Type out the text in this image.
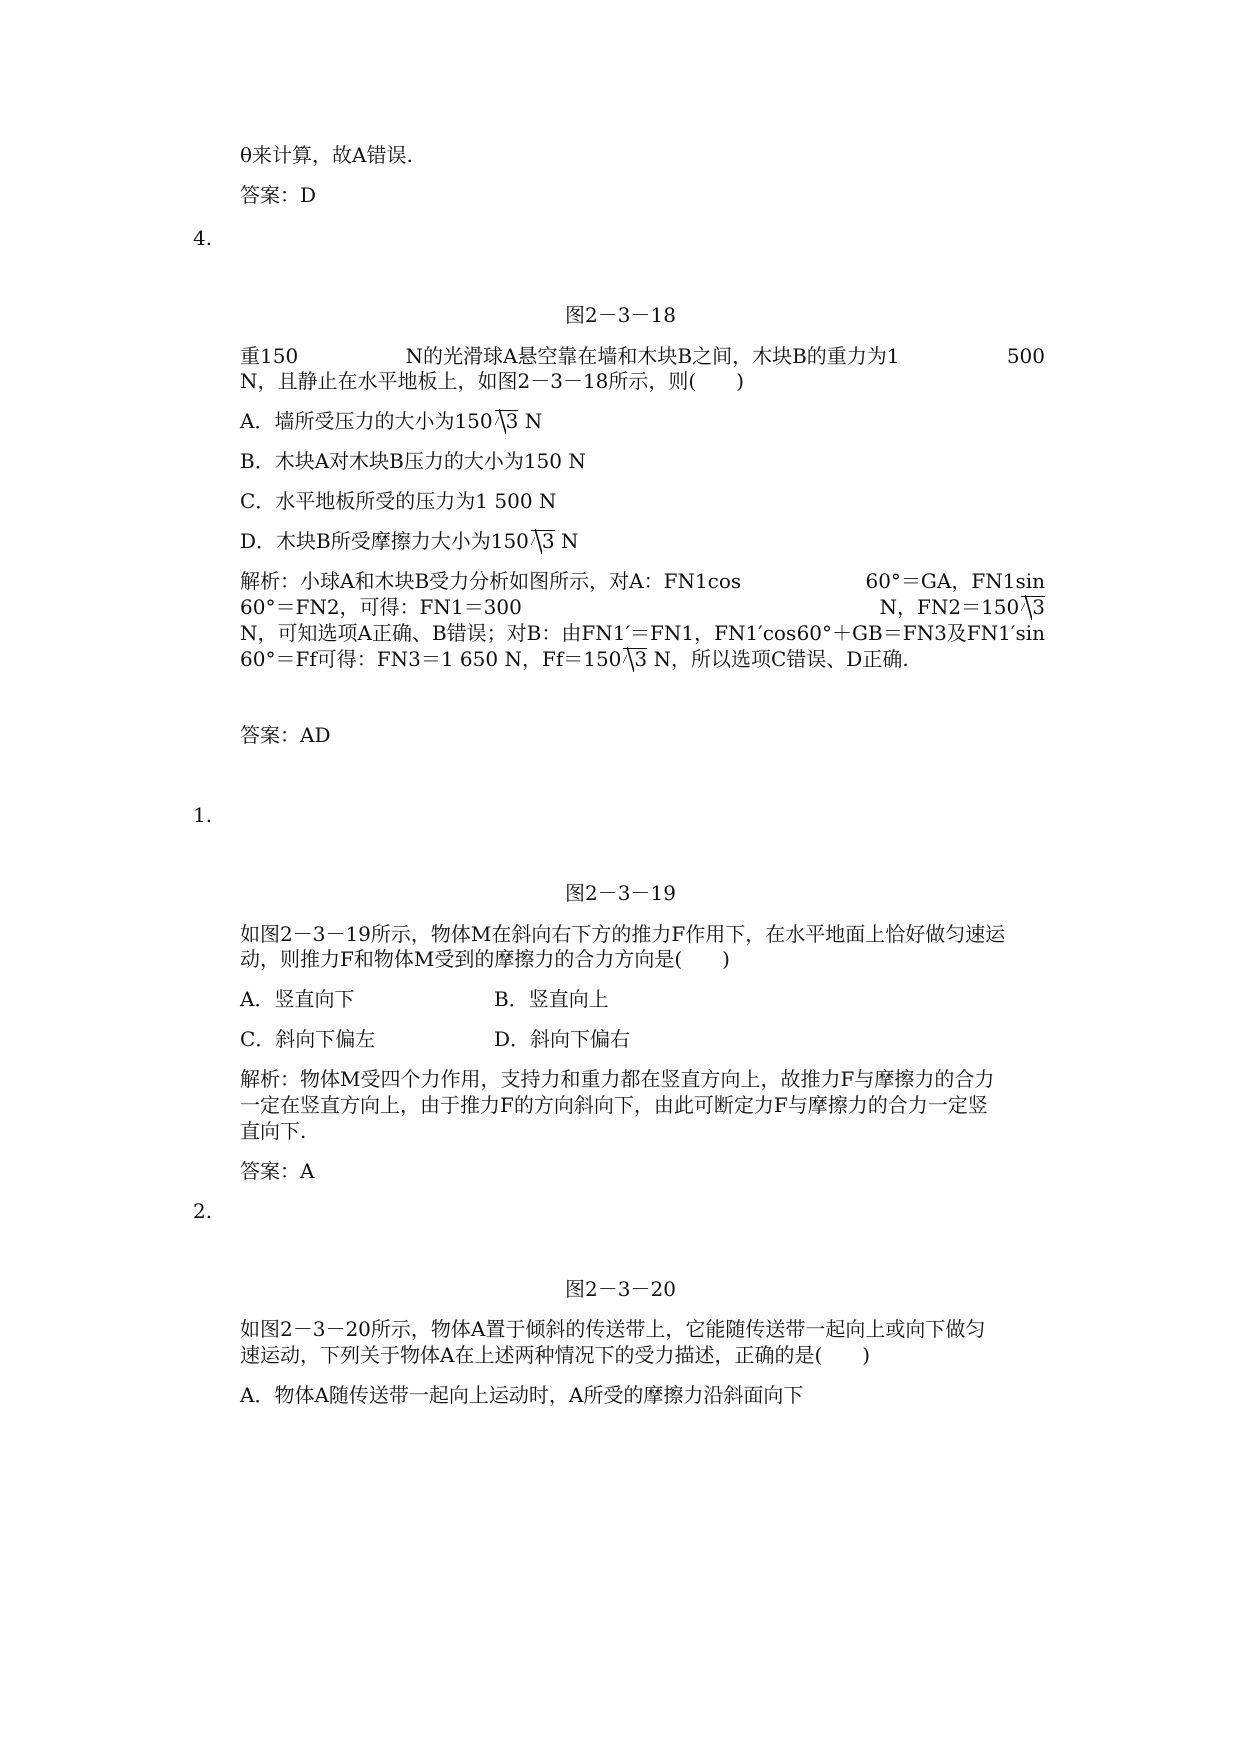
θ来计算，故A错误.
答案：D
4.
图2－3－18
重150	N的光滑球A悬空靠在墙和木块B之间，木块B的重力为1	500
N，且静止在水平地板上，如图2－3－18所示，则(　　)
A．墙所受压力的大小为150 3 N
B．木块A对木块B压力的大小为150 N
C．水平地板所受的压力为1 500 N
D．木块B所受摩擦力大小为150 3 N
解析：小球A和木块B受力分析如图所示，对A：FN1cos	60°＝GA，FN1sin
60°＝FN2，可得：FN1＝300	N，FN2＝150 3
N，可知选项A正确、B错误；对B：由FN1′＝FN1，FN1′cos 60°＋GB＝FN3及FN1′sin
60°＝Ff可得：FN3＝1 650 N，Ff＝150 3 N，所以选项C错误、D正确.
答案：AD
1.
图2－3－19
如图2－3－19所示，物体M在斜向右下方的推力F作用下，在水平地面上恰好做匀速运
动，则推力F和物体M受到的摩擦力的合力方向是(　　)
A．竖直向下	B．竖直向上
C．斜向下偏左	D．斜向下偏右
解析：物体M受四个力作用，支持力和重力都在竖直方向上，故推力F与摩擦力的合力
一定在竖直方向上，由于推力F的方向斜向下，由此可断定力F与摩擦力的合力一定竖
直向下.
答案：A
2.
图2－3－20
如图2－3－20所示，物体A置于倾斜的传送带上，它能随传送带一起向上或向下做匀
速运动，下列关于物体A在上述两种情况下的受力描述，正确的是(　　)
A．物体A随传送带一起向上运动时，A所受的摩擦力沿斜面向下
